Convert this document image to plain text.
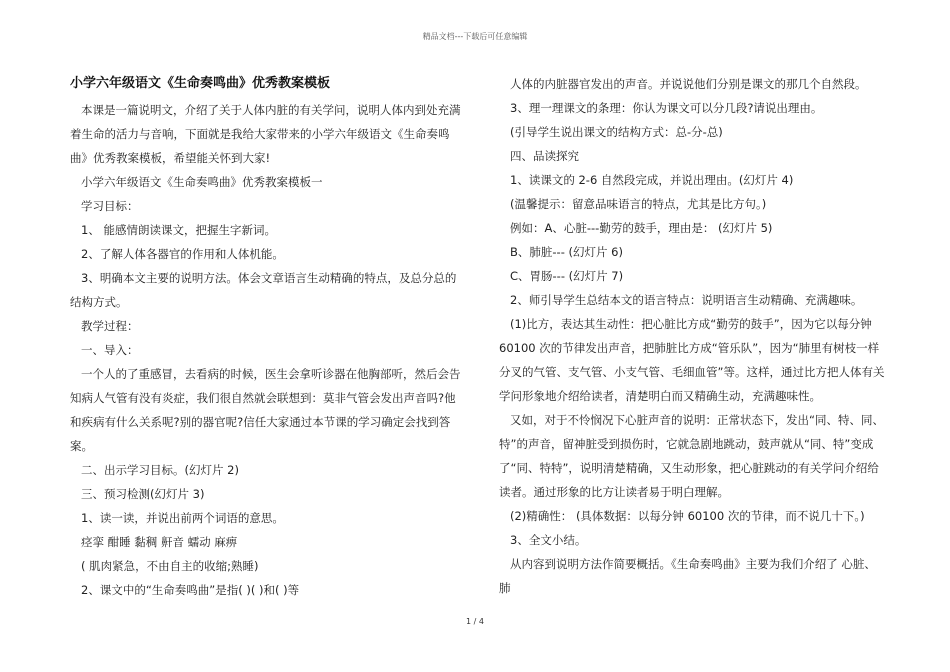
精品文档---下载后可任意编辑
小学六年级语文《生命奏鸣曲》优秀教案模板

本课是一篇说明文，介绍了关于人体内脏的有关学问，说明人体内到处充满着生命的活力与音响，下面就是我给大家带来的小学六年级语文《生命奏鸣曲》优秀教案模板，希望能关怀到大家!

小学六年级语文《生命奏鸣曲》优秀教案模板一

学习目标：

1、 能感情朗读课文，把握生字新词。

2、了解人体各器官的作用和人体机能。

3、明确本文主要的说明方法。体会文章语言生动精确的特点，及总分总的结构方式。

教学过程：

一、导入：

一个人的了重感冒，去看病的时候，医生会拿听诊器在他胸部听，然后会告知病人气管有没有炎症，我们很自然就会联想到：莫非气管会发出声音吗?他和疾病有什么关系呢?别的器官呢?信任大家通过本节课的学习确定会找到答案。

二、出示学习目标。(幻灯片 2)

三、预习检测(幻灯片 3)

1、读一读，并说出前两个词语的意思。

痉挛 酣睡 黏稠 鼾音 蠕动 麻痹

( 肌肉紧急，不由自主的收缩;熟睡)

2、课文中的“生命奏鸣曲”是指( )( )和( )等

人体的内脏器官发出的声音。并说说他们分别是课文的那几个自然段。

3、理一理课文的条理：你认为课文可以分几段?请说出理由。

(引导学生说出课文的结构方式：总-分-总)

四、品读探究

1、读课文的 2-6 自然段完成，并说出理由。(幻灯片 4)

(温馨提示：留意品味语言的特点，尤其是比方句。)

例如：A、心脏---勤劳的鼓手，理由是： (幻灯片 5)

B、肺脏--- (幻灯片 6)

C、胃肠--- (幻灯片 7)

2、师引导学生总结本文的语言特点：说明语言生动精确、充满趣味。

(1)比方，表达其生动性：把心脏比方成“勤劳的鼓手”，因为它以每分钟60100 次的节律发出声音，把肺脏比方成“管乐队”，因为“肺里有树枝一样分叉的气管、支气管、小支气管、毛细血管”等。这样，通过比方把人体有关学问形象地介绍给读者，清楚明白而又精确生动，充满趣味性。

又如，对于不怜悯况下心脏声音的说明：正常状态下，发出“同、特、同、特”的声音，留神脏受到损伤时，它就急剧地跳动，鼓声就从“同、特”变成了“同、特特”，说明清楚精确，又生动形象，把心脏跳动的有关学问介绍给读者。通过形象的比方让读者易于明白理解。

(2)精确性： (具体数据：以每分钟 60100 次的节律，而不说几十下。)

3、全文小结。

从内容到说明方法作简要概括。《生命奏鸣曲》主要为我们介绍了 心脏、肺

1 / 4
